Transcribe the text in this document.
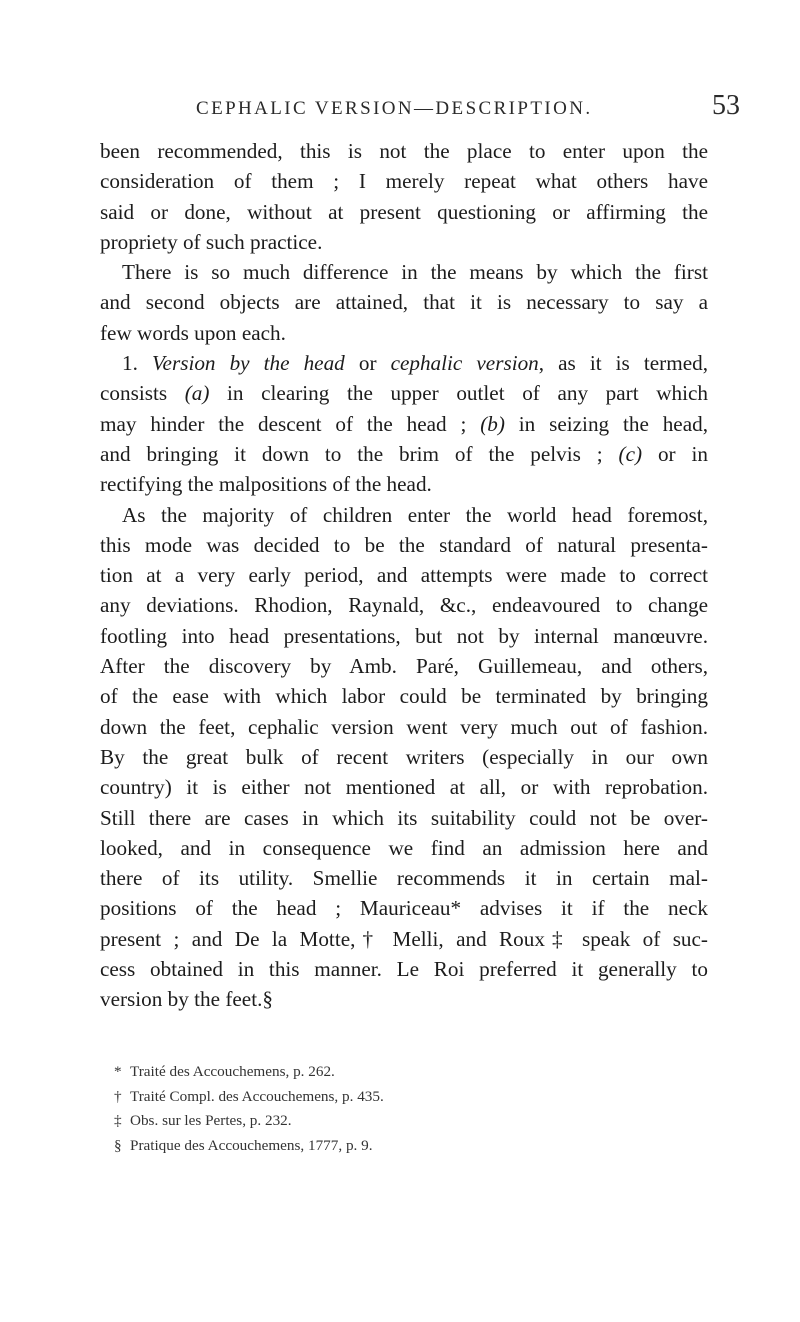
CEPHALIC VERSION—DESCRIPTION.	53

been recommended, this is not the place to enter upon the
consideration of them ; I merely repeat what others have
said or done, without at present questioning or affirming the
propriety of such practice.

There is so much difference in the means by which the first
and second objects are attained, that it is necessary to say a
few words upon each.

1. Version by the head or cephalic version, as it is termed,
consists (a) in clearing the upper outlet of any part which
may hinder the descent of the head ; (b) in seizing the head,
and bringing it down to the brim of the pelvis ; (c) or in
rectifying the malpositions of the head.

As the majority of children enter the world head foremost,
this mode was decided to be the standard of natural presenta-
tion at a very early period, and attempts were made to correct
any deviations. Rhodion, Raynald, &c., endeavoured to change
footling into head presentations, but not by internal manœuvre.
After the discovery by Amb. Paré, Guillemeau, and others,
of the ease with which labor could be terminated by bringing
down the feet, cephalic version went very much out of fashion.
By the great bulk of recent writers (especially in our own
country) it is either not mentioned at all, or with reprobation.
Still there are cases in which its suitability could not be over-
looked, and in consequence we find an admission here and
there of its utility. Smellie recommends it in certain mal-
positions of the head ; Mauriceau* advises it if the neck
present ; and De la Motte,† Melli, and Roux‡ speak of suc-
cess obtained in this manner. Le Roi preferred it generally to
version by the feet.§

* Traité des Accouchemens, p. 262.
† Traité Compl. des Accouchemens, p. 435.
‡ Obs. sur les Pertes, p. 232.
§ Pratique des Accouchemens, 1777, p. 9.
